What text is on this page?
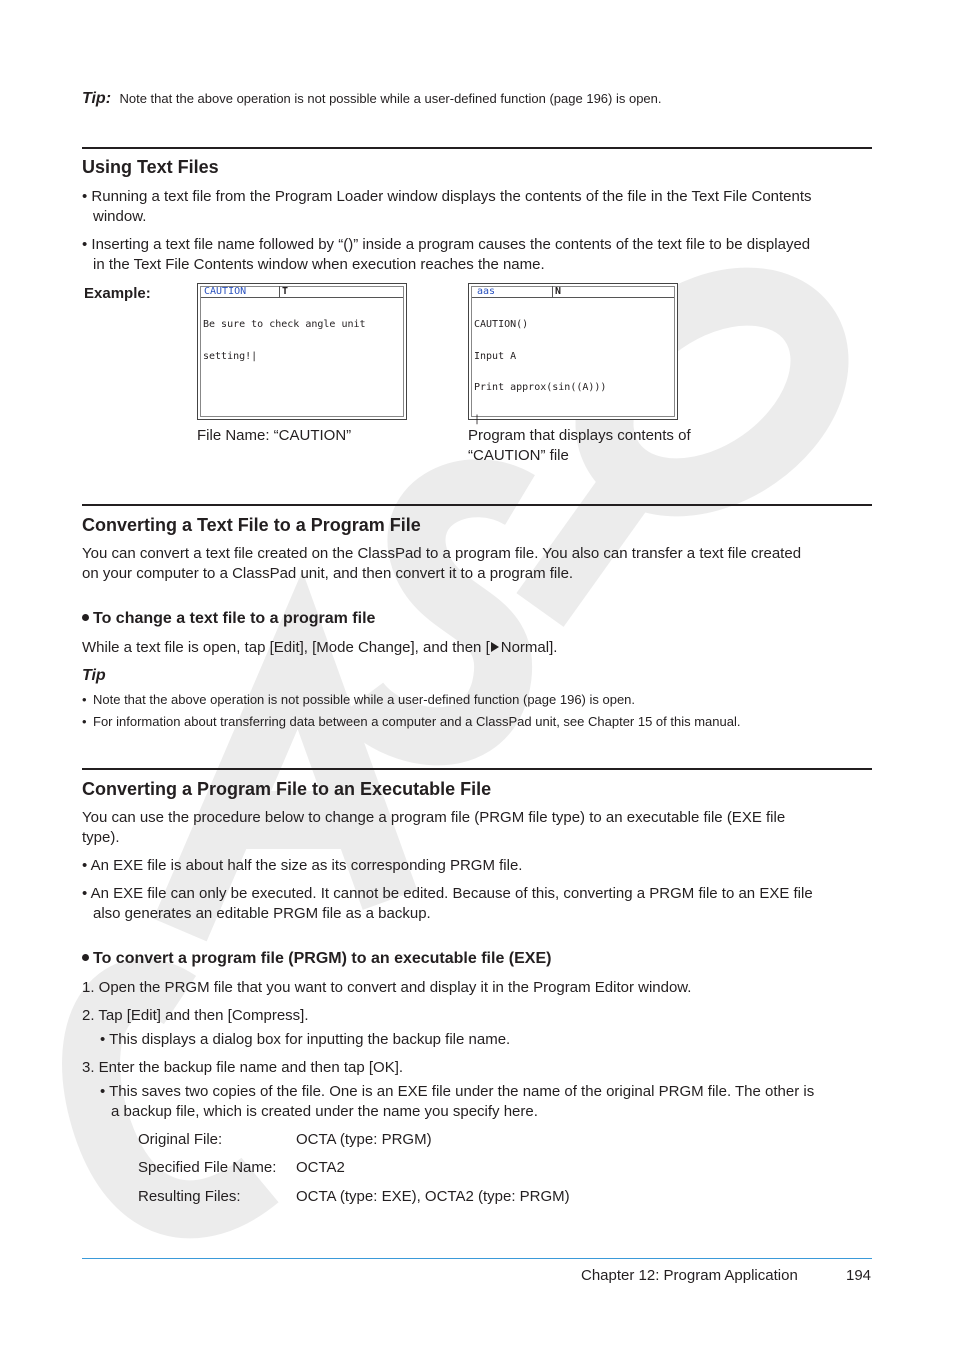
Tip: Note that the above operation is not possible while a user-defined function (page 196) is open.
Using Text Files
• Running a text file from the Program Loader window displays the contents of the file in the Text File Contents
window.
• Inserting a text file name followed by “()” inside a program causes the contents of the text file to be displayed
in the Text File Contents window when execution reaches the name.
Example:	CAUTION	T

Be sure to check angle unit

setting!|

File Name: “CAUTION”
aas	N

CAUTION()

Input A

Print approx(sin((A)))

|

Program that displays contents of
“CAUTION” file
Converting a Text File to a Program File
You can convert a text file created on the ClassPad to a program file. You also can transfer a text file created
on your computer to a ClassPad unit, and then convert it to a program file.
To change a text file to a program file
While a text file is open, tap [Edit], [Mode Change], and then [ Normal].
Tip
• Note that the above operation is not possible while a user-defined function (page 196) is open.
• For information about transferring data between a computer and a ClassPad unit, see Chapter 15 of this manual.
Converting a Program File to an Executable File
You can use the procedure below to change a program file (PRGM file type) to an executable file (EXE file
type).
• An EXE file is about half the size as its corresponding PRGM file.
• An EXE file can only be executed. It cannot be edited. Because of this, converting a PRGM file to an EXE file
also generates an editable PRGM file as a backup.
To convert a program file (PRGM) to an executable file (EXE)
1. Open the PRGM file that you want to convert and display it in the Program Editor window.
2. Tap [Edit] and then [Compress].
• This displays a dialog box for inputting the backup file name.
3. Enter the backup file name and then tap [OK].
• This saves two copies of the file. One is an EXE file under the name of the original PRGM file. The other is
a backup file, which is created under the name you specify here.
Original File:	OCTA (type: PRGM)
Specified File Name:	OCTA2
Resulting Files:	OCTA (type: EXE), OCTA2 (type: PRGM)
Chapter 12: Program Application	194
